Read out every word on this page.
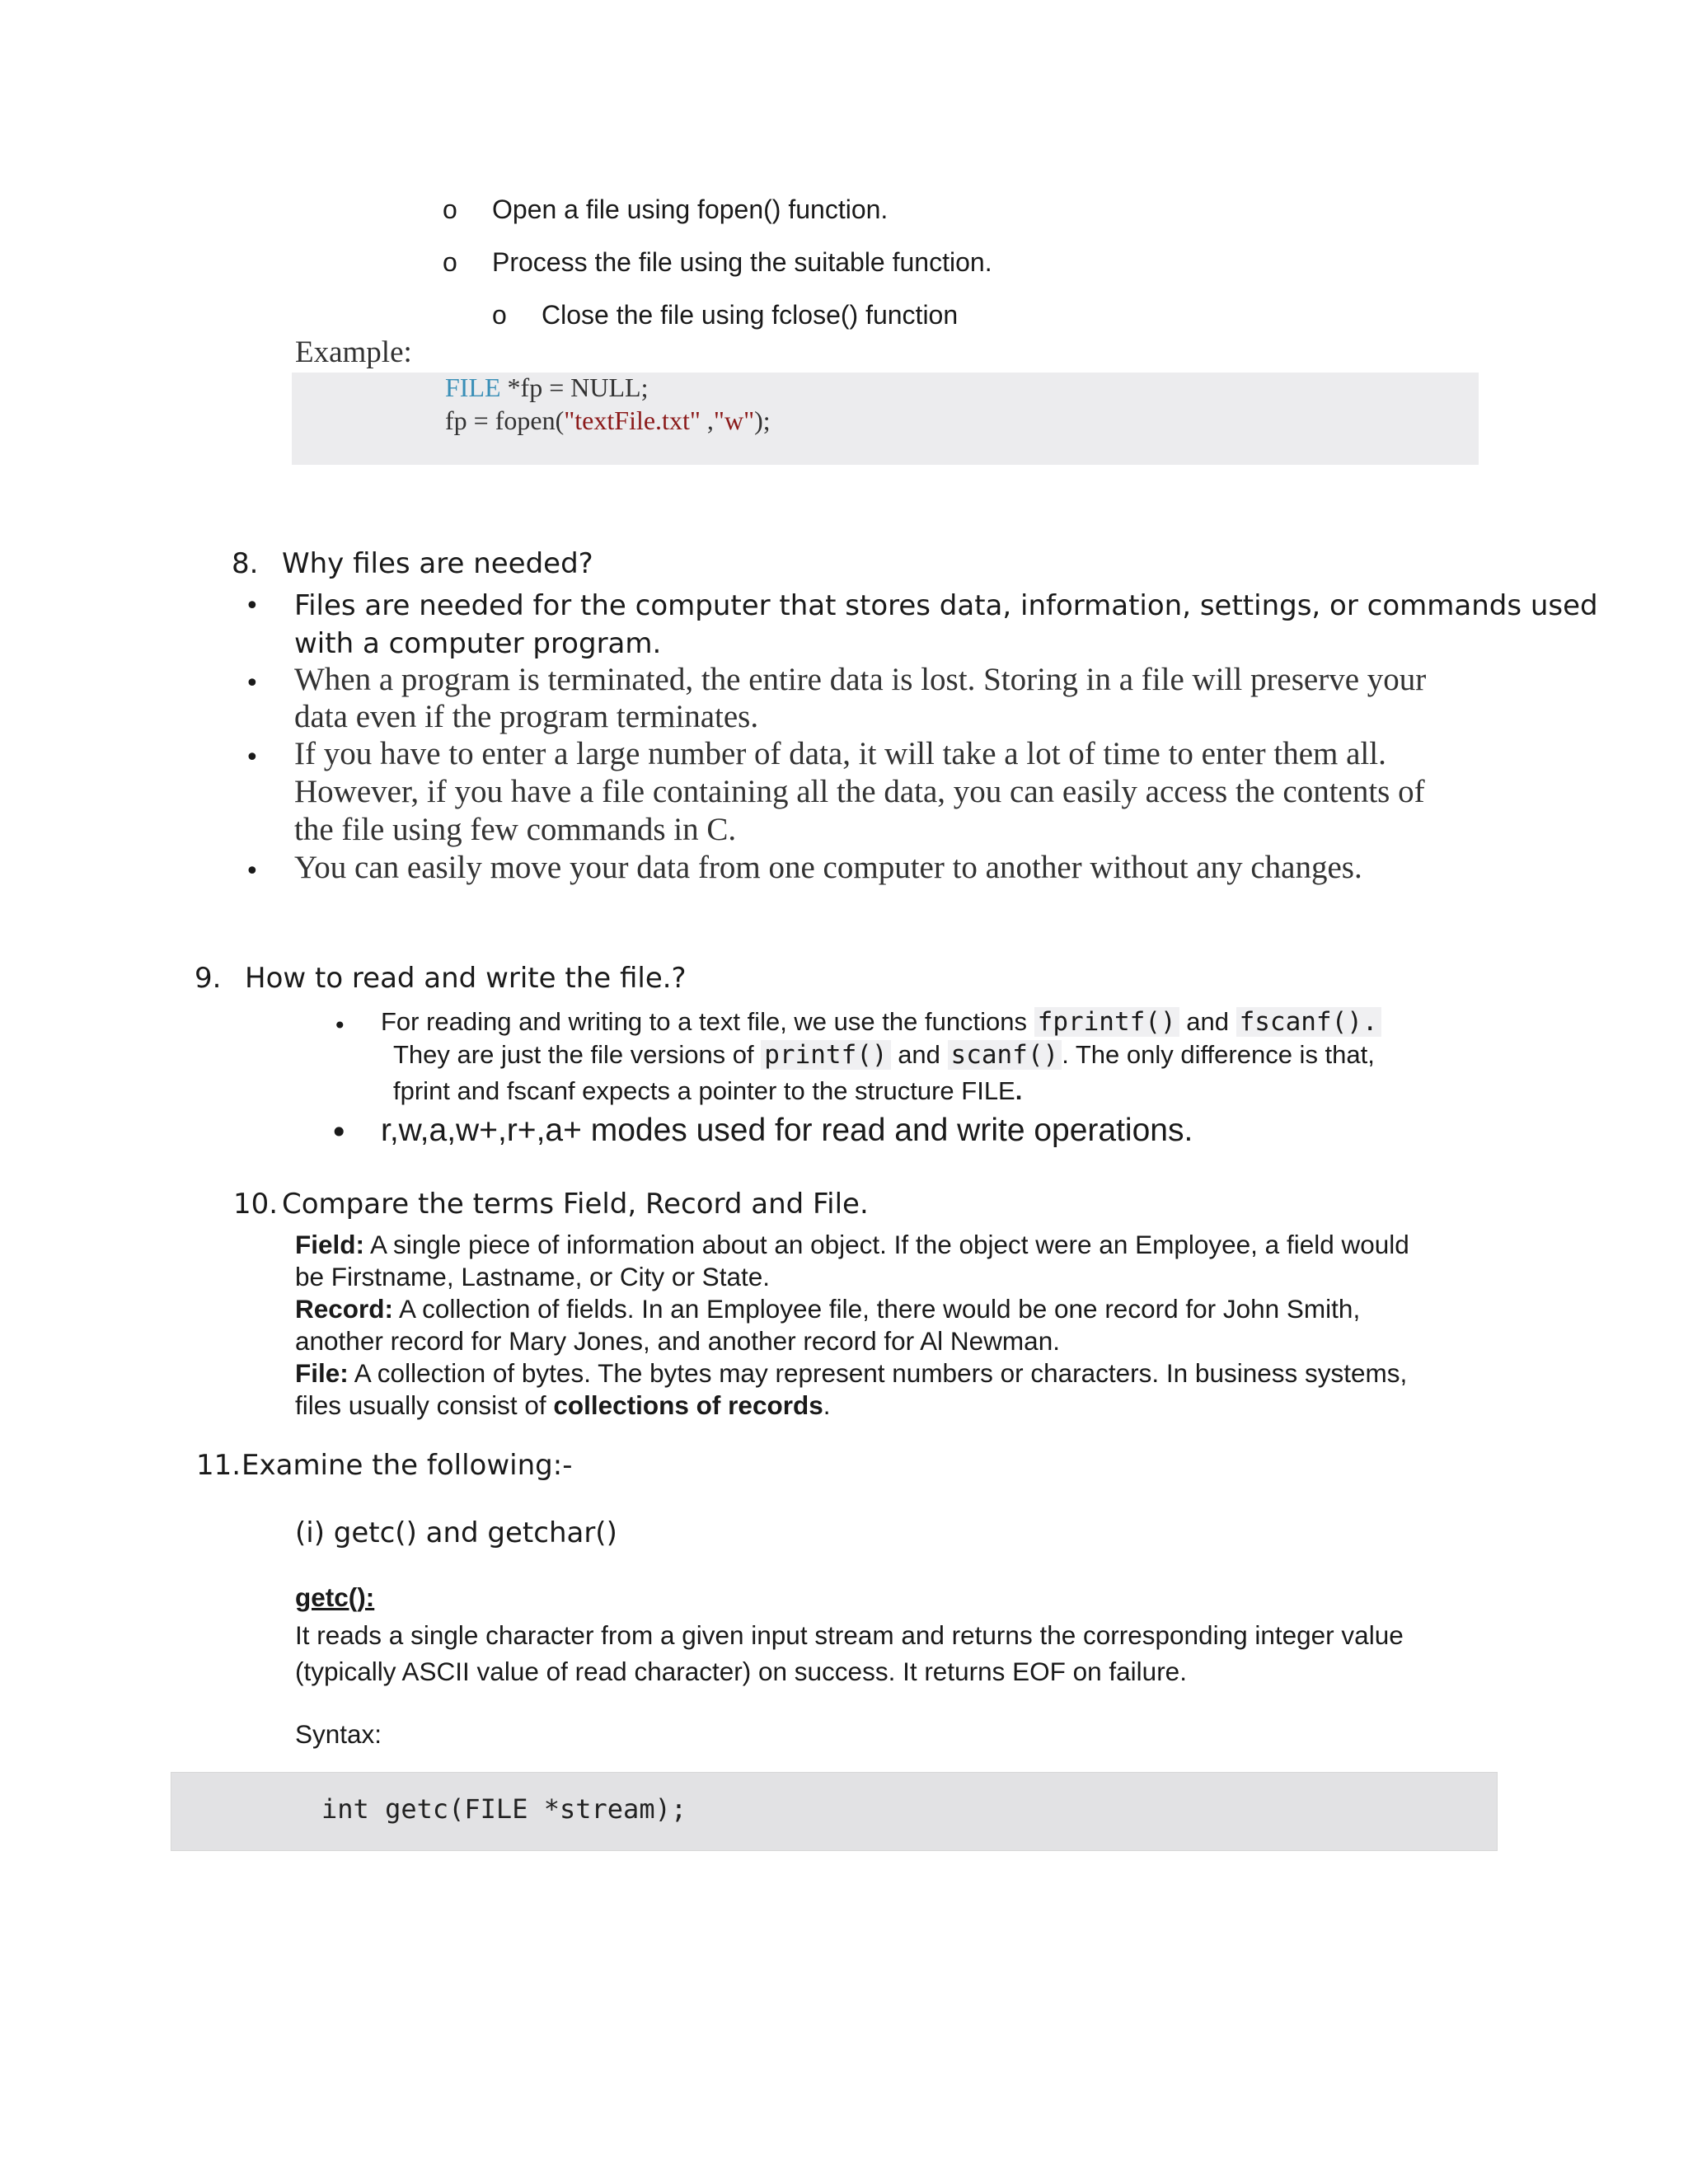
o Open a file using fopen() function.
o Process the file using the suitable function.
o Close the file using fclose() function
Example:
FILE *fp = NULL;
fp = fopen("textFile.txt" ,"w");
8. Why files are needed?
• Files are needed for the computer that stores data, information, settings, or commands used
with a computer program.
• When a program is terminated, the entire data is lost. Storing in a file will preserve your
data even if the program terminates.
• If you have to enter a large number of data, it will take a lot of time to enter them all.
However, if you have a file containing all the data, you can easily access the contents of
the file using few commands in C.
• You can easily move your data from one computer to another without any changes.
9. How to read and write the file.?
• For reading and writing to a text file, we use the functions fprintf() and fscanf().
They are just the file versions of printf() and scanf() . The only difference is that,
fprint and fscanf expects a pointer to the structure FILE.
• r,w,a,w+,r+,a+ modes used for read and write operations.
10. Compare the terms Field, Record and File.
Field: A single piece of information about an object. If the object were an Employee, a field would
be Firstname, Lastname, or City or State.
Record: A collection of fields. In an Employee file, there would be one record for John Smith,
another record for Mary Jones, and another record for Al Newman.
File: A collection of bytes. The bytes may represent numbers or characters. In business systems,
files usually consist of collections of records.
11. Examine the following:-
(i) getc() and getchar()
getc():
It reads a single character from a given input stream and returns the corresponding integer value
(typically ASCII value of read character) on success. It returns EOF on failure.
Syntax:
int getc(FILE *stream);
